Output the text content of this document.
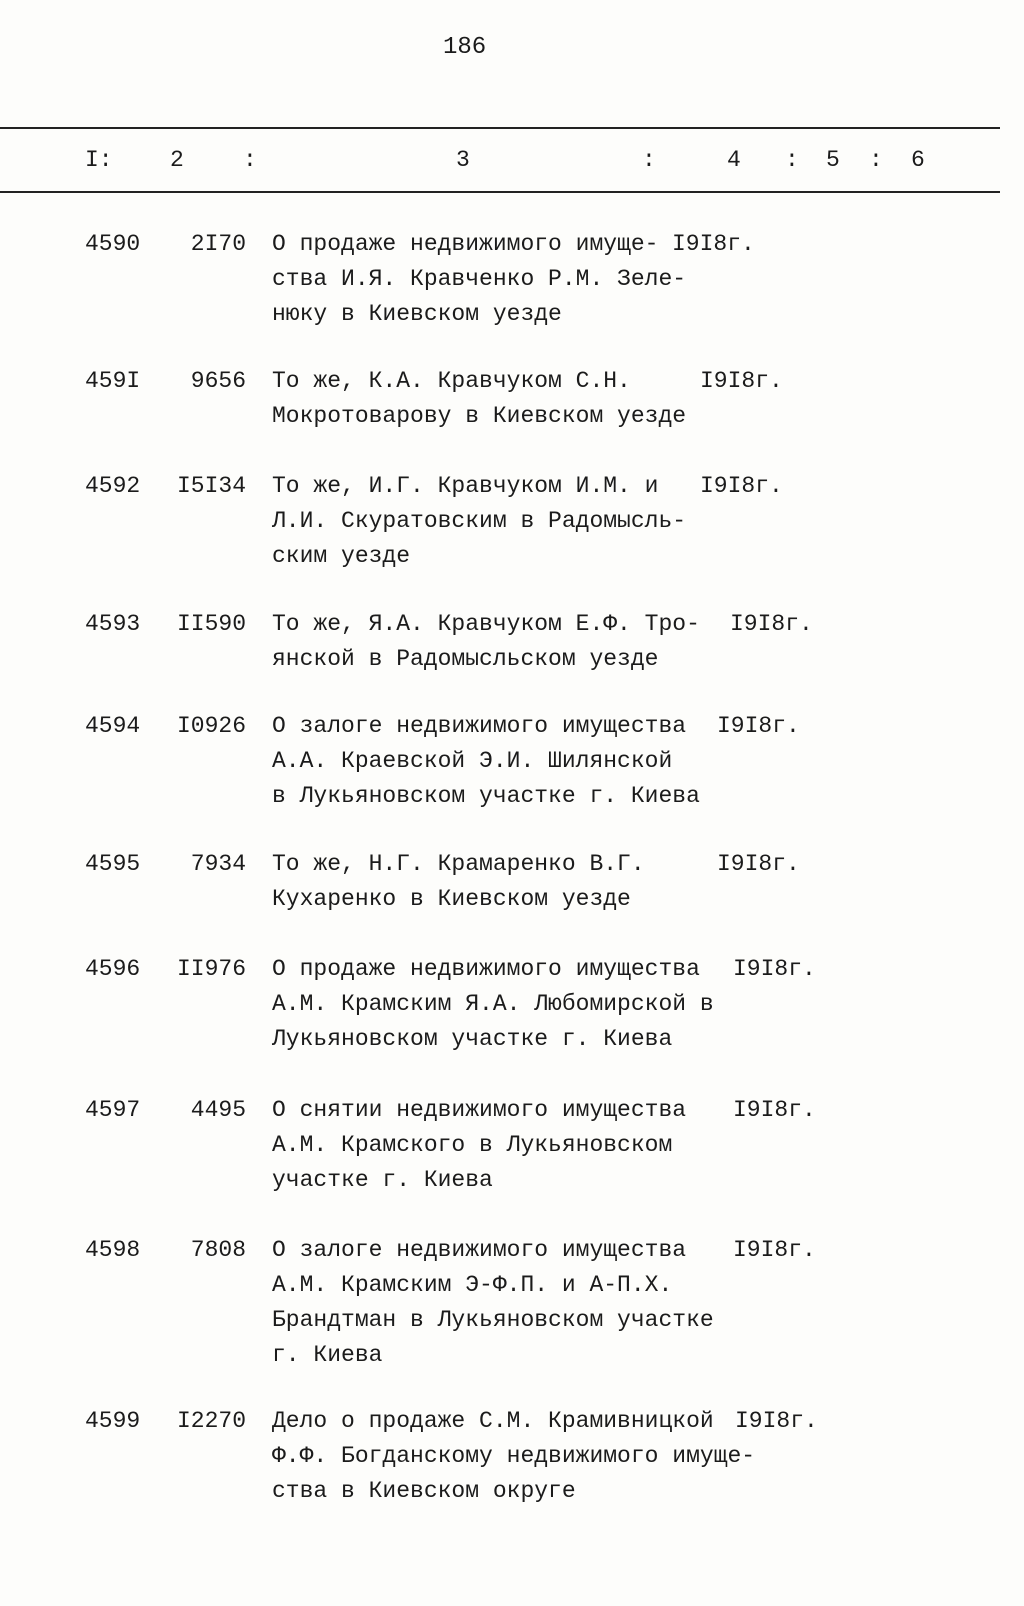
186
I: 2	:	3	:	4 : 5 : 6
4590 2I70 О продаже недвижимого имуще-
ства И.Я. Кравченко Р.М. Зеле-
нюку в Киевском уезде
I9I8г.
459I 9656 То же, К.А. Кравчуком С.Н.
Мокротоварову в Киевском уезде
I9I8г.
4592 I5I34 То же, И.Г. Кравчуком И.М. и
Л.И. Скуратовским в Радомысль-
ским уезде
I9I8г.
4593 II590 То же, Я.А. Кравчуком Е.Ф. Тро-
янской в Радомысльском уезде
I9I8г.
4594 I0926 О залоге недвижимого имущества
А.А. Краевской Э.И. Шилянской
в Лукьяновском участке г. Киева
I9I8г.
4595 7934 То же, Н.Г. Крамаренко В.Г.
Кухаренко в Киевском уезде
I9I8г.
4596 II976 О продаже недвижимого имущества
А.М. Крамским Я.А. Любомирской в
Лукьяновском участке г. Киева
I9I8г.
4597 4495 О снятии недвижимого имущества
А.М. Крамского в Лукьяновском
участке г. Киева
I9I8г.
4598 7808 О залоге недвижимого имущества
А.М. Крамским Э-Ф.П. и А-П.Х.
Брандтман в Лукьяновском участке
г. Киева
I9I8г.
4599 I2270 Дело о продаже С.М. Крамивницкой
Ф.Ф. Богданскому недвижимого имуще-
ства в Киевском округе
I9I8г.
